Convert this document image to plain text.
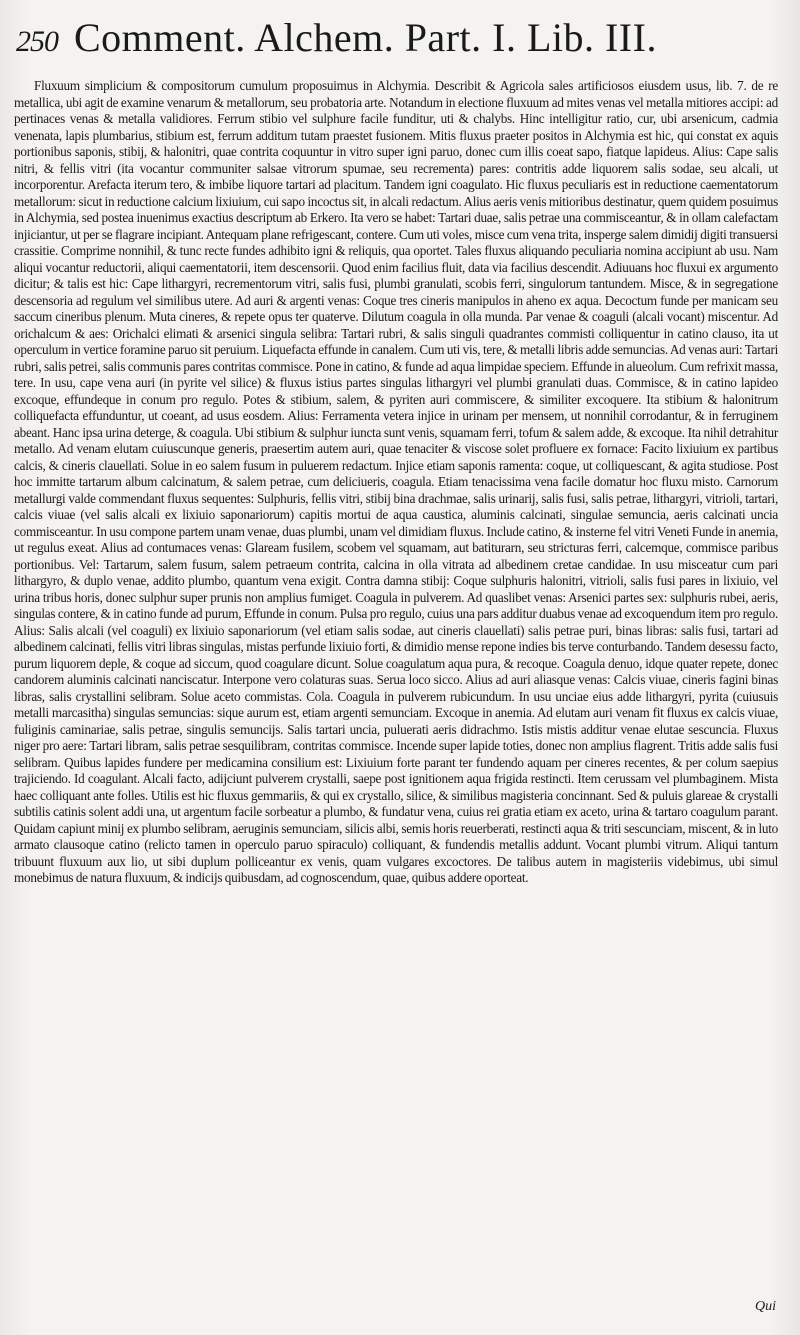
250 Comment. Alchem. Part. I. Lib. III.

Fluxuum simplicium & compositorum cumulum proposuimus in Alchymia. Describit & Agricola sales artificiosos eiusdem usus, lib. 7. de re metallica, ubi agit de examine venarum & metallorum, seu probatoria arte. Notandum in electione fluxuum ad mites venas vel metalla mitiores accipi: ad pertinaces venas & metalla validiores. Ferrum stibio vel sulphure facile funditur, uti & chalybs. Hinc intelligitur ratio, cur, ubi arsenicum, cadmia venenata, lapis plumbarius, stibium est, ferrum additum tutam praestet fusionem. Mitis fluxus praeter positos in Alchymia est hic, qui constat ex aquis portionibus saponis, stibij, & halonitri, quae contrita coquuntur in vitro super igni paruo, donec cum illis coeat sapo, fiatque lapideus. Alius: Cape salis nitri, & fellis vitri (ita vocantur communiter salsae vitrorum spumae, seu recrementa) pares: contritis adde liquorem salis sodae, seu alcali, ut incorporentur. Arefacta iterum tero, & imbibe liquore tartari ad placitum. Tandem igni coagulato. Hic fluxus peculiaris est in reductione caementatorum metallorum: sicut in reductione calcium lixiuium, cui sapo incoctus sit, in alcali redactum. Alius aeris venis mitioribus destinatur, quem quidem posuimus in Alchymia, sed postea inuenimus exactius descriptum ab Erkero. Ita vero se habet: Tartari duae, salis petrae una commisceantur, & in ollam calefactam injiciantur, ut per se flagrare incipiant. Antequam plane refrigescant, contere. Cum uti voles, misce cum vena trita, insperge salem dimidij digiti transuersi crassitie. Comprime nonnihil, & tunc recte fundes adhibito igni & reliquis, qua oportet. Tales fluxus aliquando peculiaria nomina accipiunt ab usu. Nam aliqui vocantur reductorii, aliqui caementatorii, item descensorii. Quod enim facilius fluit, data via facilius descendit. Adiuuans hoc fluxui ex argumento dicitur; & talis est hic: Cape lithargyri, recrementorum vitri, salis fusi, plumbi granulati, scobis ferri, singulorum tantundem. Misce, & in segregatione descensoria ad regulum vel similibus utere. Ad auri & argenti venas: Coque tres cineris manipulos in aheno ex aqua. Decoctum funde per manicam seu saccum cineribus plenum. Muta cineres, & repete opus ter quaterve. Dilutum coagula in olla munda. Par venae & coaguli (alcali vocant) miscentur. Ad orichalcum & aes: Orichalci elimati & arsenici singula selibra: Tartari rubri, & salis singuli quadrantes commisti colliquentur in catino clauso, ita ut operculum in vertice foramine paruo sit peruium. Liquefacta effunde in canalem. Cum uti vis, tere, & metalli libris adde semuncias. Ad venas auri: Tartari rubri, salis petrei, salis communis pares contritas commisce. Pone in catino, & funde ad aqua limpidae speciem. Effunde in alueolum. Cum refrixit massa, tere. In usu, cape vena auri (in pyrite vel silice) & fluxus istius partes singulas lithargyri vel plumbi granulati duas. Commisce, & in catino lapideo excoque, effundeque in conum pro regulo. Potes & stibium, salem, & pyriten auri commiscere, & similiter excoquere. Ita stibium & halonitrum colliquefacta effunduntur, ut coeant, ad usus eosdem. Alius: Ferramenta vetera injice in urinam per mensem, ut nonnihil corrodantur, & in ferruginem abeant. Hanc ipsa urina deterge, & coagula. Ubi stibium & sulphur iuncta sunt venis, squamam ferri, tofum & salem adde, & excoque. Ita nihil detrahitur metallo. Ad venam elutam cuiuscunque generis, praesertim autem auri, quae tenaciter & viscose solet profluere ex fornace: Facito lixiuium ex partibus calcis, & cineris clauellati. Solue in eo salem fusum in puluerem redactum. Injice etiam saponis ramenta: coque, ut colliquescant, & agita studiose. Post hoc immitte tartarum album calcinatum, & salem petrae, cum deliciueris, coagula. Etiam tenacissima vena facile domatur hoc fluxu misto. Carnorum metallurgi valde commendant fluxus sequentes: Sulphuris, fellis vitri, stibij bina drachmae, salis urinarij, salis fusi, salis petrae, lithargyri, vitrioli, tartari, calcis viuae (vel salis alcali ex lixiuio saponariorum) capitis mortui de aqua caustica, aluminis calcinati, singulae semuncia, aeris calcinati uncia commisceantur. In usu compone partem unam venae, duas plumbi, unam vel dimidiam fluxus. Include catino, & insterne fel vitri Veneti Funde in anemia, ut regulus exeat. Alius ad contumaces venas: Glaream fusilem, scobem vel squamam, aut batiturarn, seu stricturas ferri, calcemque, commisce paribus portionibus. Vel: Tartarum, salem fusum, salem petraeum contrita, calcina in olla vitrata ad albedinem cretae candidae. In usu misceatur cum pari lithargyro, & duplo venae, addito plumbo, quantum vena exigit. Contra damna stibij: Coque sulphuris halonitri, vitrioli, salis fusi pares in lixiuio, vel urina tribus horis, donec sulphur super prunis non amplius fumiget. Coagula in pulverem. Ad quaslibet venas: Arsenici partes sex: sulphuris rubei, aeris, singulas contere, & in catino funde ad purum, Effunde in conum. Pulsa pro regulo, cuius una pars additur duabus venae ad excoquendum item pro regulo. Alius: Salis alcali (vel coaguli) ex lixiuio saponariorum (vel etiam salis sodae, aut cineris clauellati) salis petrae puri, binas libras: salis fusi, tartari ad albedinem calcinati, fellis vitri libras singulas, mistas perfunde lixiuio forti, & dimidio mense repone indies bis terve conturbando. Tandem desessu facto, purum liquorem deple, & coque ad siccum, quod coagulare dicunt. Solue coagulatum aqua pura, & recoque. Coagula denuo, idque quater repete, donec candorem aluminis calcinati nanciscatur. Interpone vero colaturas suas. Serua loco sicco. Alius ad auri aliasque venas: Calcis viuae, cineris fagini binas libras, salis crystallini selibram. Solue aceto commistas. Cola. Coagula in pulverem rubicundum. In usu unciae eius adde lithargyri, pyrita (cuiusuis metalli marcasitha) singulas semuncias: sique aurum est, etiam argenti semunciam. Excoque in anemia. Ad elutam auri venam fit fluxus ex calcis viuae, fuliginis caminariae, salis petrae, singulis semuncijs. Salis tartari uncia, puluerati aeris didrachmo. Istis mistis additur venae elutae sescuncia. Fluxus niger pro aere: Tartari libram, salis petrae sesquilibram, contritas commisce. Incende super lapide toties, donec non amplius flagrent. Tritis adde salis fusi selibram. Quibus lapides fundere per medicamina consilium est: Lixiuium forte parant ter fundendo aquam per cineres recentes, & per colum saepius trajiciendo. Id coagulant. Alcali facto, adijciunt pulverem crystalli, saepe post ignitionem aqua frigida restincti. Item cerussam vel plumbaginem. Mista haec colliquant ante folles. Utilis est hic fluxus gemmariis, & qui ex crystallo, silice, & similibus magisteria concinnant. Sed & puluis glareae & crystalli subtilis catinis solent addi una, ut argentum facile sorbeatur a plumbo, & fundatur vena, cuius rei gratia etiam ex aceto, urina & tartaro coagulum parant. Quidam capiunt minij ex plumbo selibram, aeruginis semunciam, silicis albi, semis horis reuerberati, restincti aqua & triti sescunciam, miscent, & in luto armato clausoque catino (relicto tamen in operculo paruo spiraculo) colliquant, & fundendis metallis addunt. Vocant plumbi vitrum. Aliqui tantum tribuunt fluxuum aux lio, ut sibi duplum polliceantur ex venis, quam vulgares excoctores. De talibus autem in magisteriis videbimus, ubi simul monebimus de natura fluxuum, & indicijs quibusdam, ad cognoscendum, quae, quibus addere oporteat.

Qui
